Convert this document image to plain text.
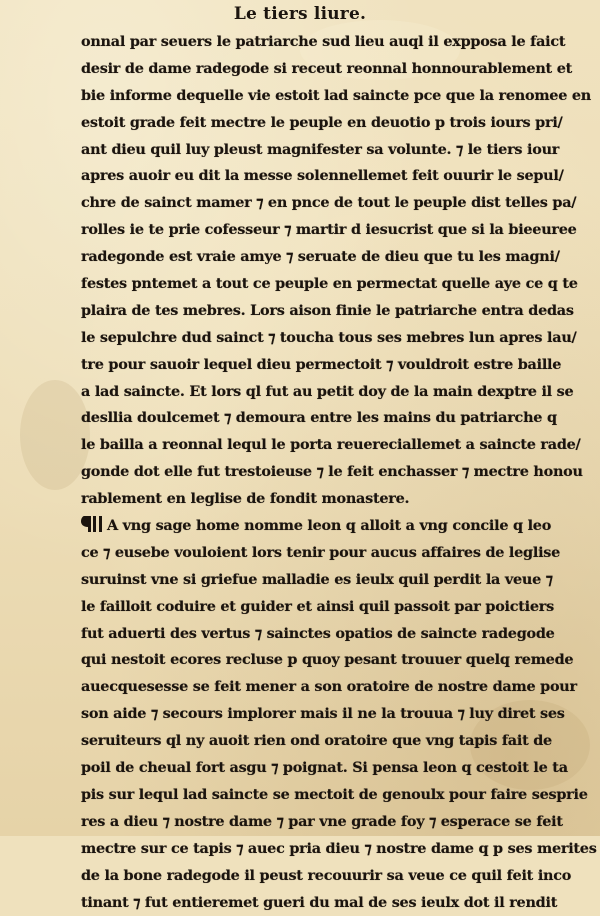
Le tiers liure.
onnal par seuers le patriarche sud lieu auql il expposa le faict
desir de dame radegode si receut reonnal honnourablement et
bie informe dequelle vie estoit lad saincte pce que la renomee en
estoit grade feit mectre le peuple en deuotio p trois iours pri/
ant dieu quil luy pleust magnifester sa volunte. ⁊ le tiers iour
apres auoir eu dit la messe solennellemet feit ouurir le sepul/
chre de sainct mamer ⁊ en pnce de tout le peuple dist telles pa/
rolles ie te prie cofesseur ⁊ martir d iesucrist que si la bieeuree
radegonde est vraie amye ⁊ seruate de dieu que tu les magni/
festes pntemet a tout ce peuple en permectat quelle aye ce q te
plaira de tes mebres. Lors aison finie le patriarche entra dedas
le sepulchre dud sainct ⁊ toucha tous ses mebres lun apres lau/
tre pour sauoir lequel dieu permectoit ⁊ vouldroit estre baille
a lad saincte. Et lors ql fut au petit doy de la main dexptre il se
desllia doulcemet ⁊ demoura entre les mains du patriarche q
le bailla a reonnal lequl le porta reuereciallemet a saincte rade/
gonde dot elle fut trestoieuse ⁊ le feit enchasser ⁊ mectre honou
rablement en leglise de fondit monastere.
A vng sage home nomme leon q alloit a vng concile q leo
ce ⁊ eusebe vouloient lors tenir pour aucus affaires de leglise
suruinst vne si griefue malladie es ieulx quil perdit la veue ⁊
le failloit coduire et guider et ainsi quil passoit par poictiers
fut aduerti des vertus ⁊ sainctes opatios de saincte radegode
qui nestoit ecores recluse p quoy pesant trouuer quelq remede
auecquesesse se feit mener a son oratoire de nostre dame pour
son aide ⁊ secours implorer mais il ne la trouua ⁊ luy diret ses
seruiteurs ql ny auoit rien ond oratoire que vng tapis fait de
poil de cheual fort asgu ⁊ poignat. Si pensa leon q cestoit le ta
pis sur lequl lad saincte se mectoit de genoulx pour faire sesprie
res a dieu ⁊ nostre dame ⁊ par vne grade foy ⁊ esperace se feit
mectre sur ce tapis ⁊ auec pria dieu ⁊ nostre dame q p ses merites
de la bone radegode il peust recouurir sa veue ce quil feit inco
tinant ⁊ fut entieremet gueri du mal de ses ieulx dot il rendit
